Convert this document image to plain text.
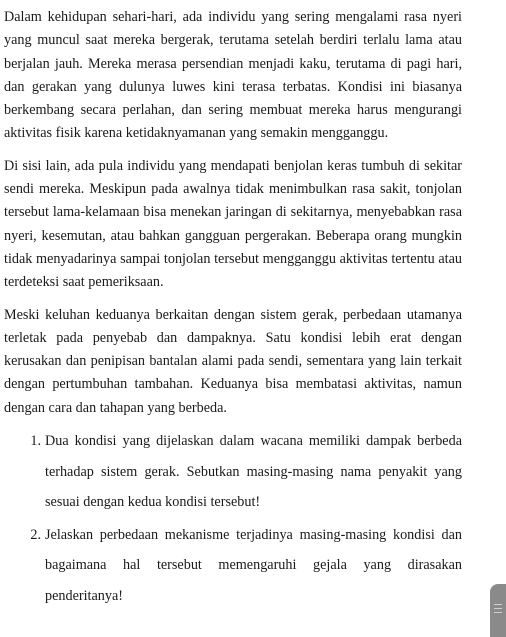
Dalam kehidupan sehari-hari, ada individu yang sering mengalami rasa nyeri yang muncul saat mereka bergerak, terutama setelah berdiri terlalu lama atau berjalan jauh. Mereka merasa persendian menjadi kaku, terutama di pagi hari, dan gerakan yang dulunya luwes kini terasa terbatas. Kondisi ini biasanya berkembang secara perlahan, dan sering membuat mereka harus mengurangi aktivitas fisik karena ketidaknyamanan yang semakin mengganggu.

Di sisi lain, ada pula individu yang mendapati benjolan keras tumbuh di sekitar sendi mereka. Meskipun pada awalnya tidak menimbulkan rasa sakit, tonjolan tersebut lama-kelamaan bisa menekan jaringan di sekitarnya, menyebabkan rasa nyeri, kesemutan, atau bahkan gangguan pergerakan. Beberapa orang mungkin tidak menyadarinya sampai tonjolan tersebut mengganggu aktivitas tertentu atau terdeteksi saat pemeriksaan.

Meski keluhan keduanya berkaitan dengan sistem gerak, perbedaan utamanya terletak pada penyebab dan dampaknya. Satu kondisi lebih erat dengan kerusakan dan penipisan bantalan alami pada sendi, sementara yang lain terkait dengan pertumbuhan tambahan. Keduanya bisa membatasi aktivitas, namun dengan cara dan tahapan yang berbeda.

1. Dua kondisi yang dijelaskan dalam wacana memiliki dampak berbeda terhadap sistem gerak. Sebutkan masing-masing nama penyakit yang sesuai dengan kedua kondisi tersebut!
2. Jelaskan perbedaan mekanisme terjadinya masing-masing kondisi dan bagaimana hal tersebut memengaruhi gejala yang dirasakan penderitanya!
